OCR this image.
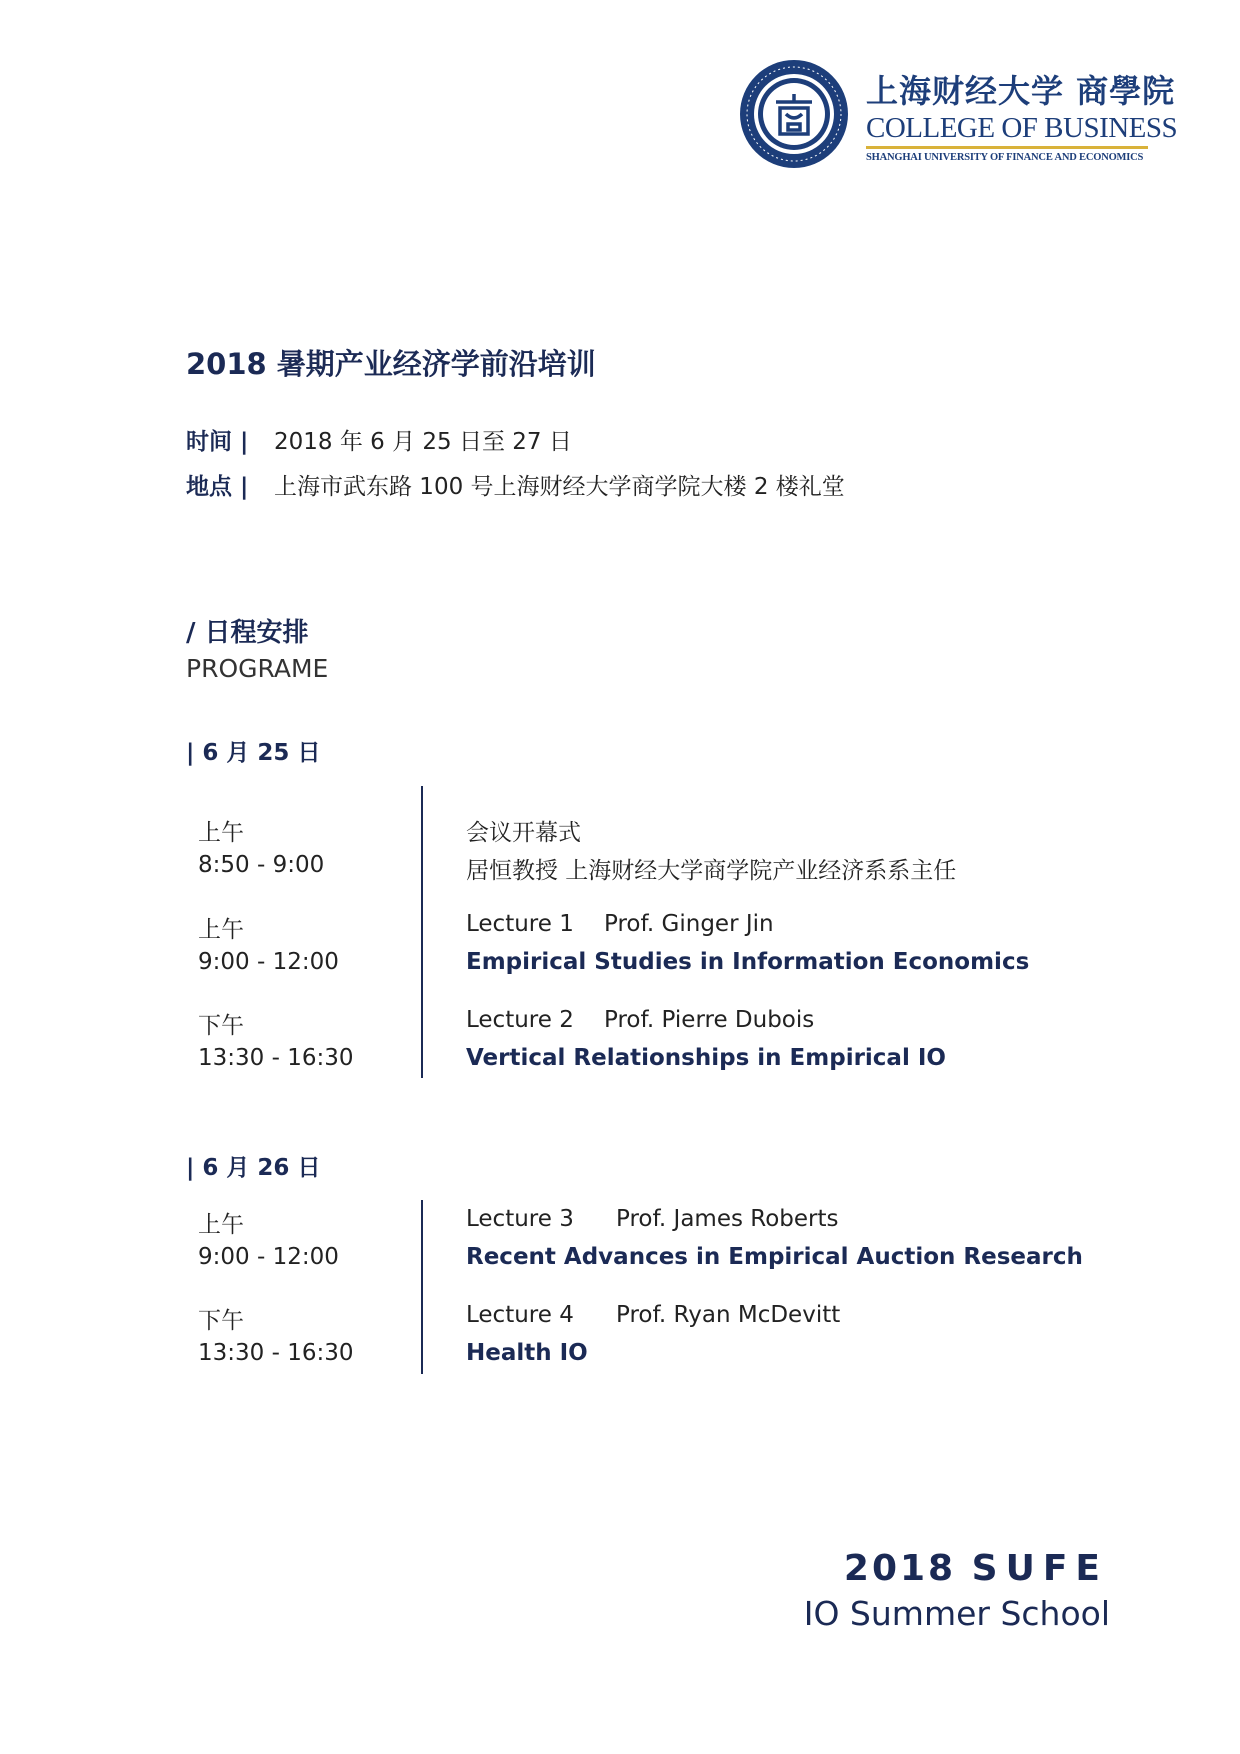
上海财经大学 商學院
COLLEGE OF BUSINESS
SHANGHAI UNIVERSITY OF FINANCE AND ECONOMICS
2018 暑期产业经济学前沿培训
时间 | 2018 年 6 月 25 日至 27 日
地点 | 上海市武东路 100 号上海财经大学商学院大楼 2 楼礼堂
/ 日程安排
PROGRAME
| 6 月 25 日
上午
8:50 - 9:00
会议开幕式
居恒教授 上海财经大学商学院产业经济系系主任
上午
9:00 - 12:00
Lecture 1 Prof. Ginger Jin
Empirical Studies in Information Economics
下午
13:30 - 16:30
Lecture 2 Prof. Pierre Dubois
Vertical Relationships in Empirical IO
| 6 月 26 日
上午
9:00 - 12:00
Lecture 3 Prof. James Roberts
Recent Advances in Empirical Auction Research
下午
13:30 - 16:30
Lecture 4 Prof. Ryan McDevitt
Health IO
2018 SUFE
IO Summer School
